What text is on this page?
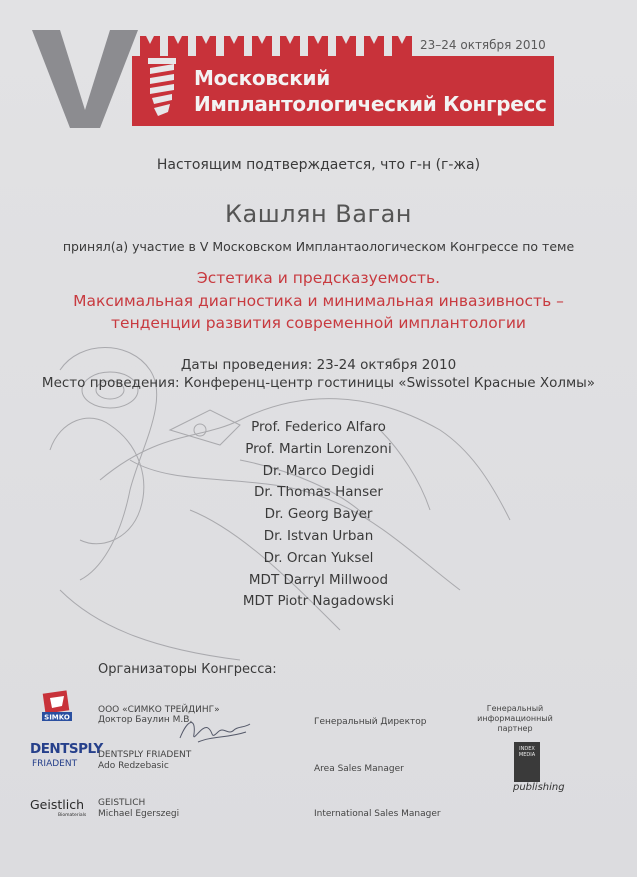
23–24 октября 2010
Московский
Имплантологический Конгресс
Настоящим подтверждается, что г-н (г-жа)
Кашлян Ваган
принял(а) участие в V Московском Имплантаологическом Конгрессе по теме
Эстетика и предсказуемость.
Максимальная диагностика и минимальная инвазивность –
тенденции развития современной имплантологии
Даты проведения: 23-24 октября 2010
Место проведения: Конференц-центр гостиницы «Swissotel Красные Холмы»
Prof. Federico Alfaro
Prof. Martin Lorenzoni
Dr. Marco Degidi
Dr. Thomas Hanser
Dr. Georg Bayer
Dr. Istvan Urban
Dr. Orcan Yuksel
MDT Darryl Millwood
MDT Piotr Nagadowski
Организаторы Конгресса:
SIMKO
ООО «СИМКО ТРЕЙДИНГ»
Доктор Баулин М.В.	Генеральный Директор
DENTSPLY
FRIADENT
DENTSPLY FRIADENT
Ado Redzebasic	Area Sales Manager
Geistlich
Biomaterials
GEISTLICH
Michael Egerszegi	International Sales Manager
Генеральный информационный партнер
INDEX MEDIA
publishing
